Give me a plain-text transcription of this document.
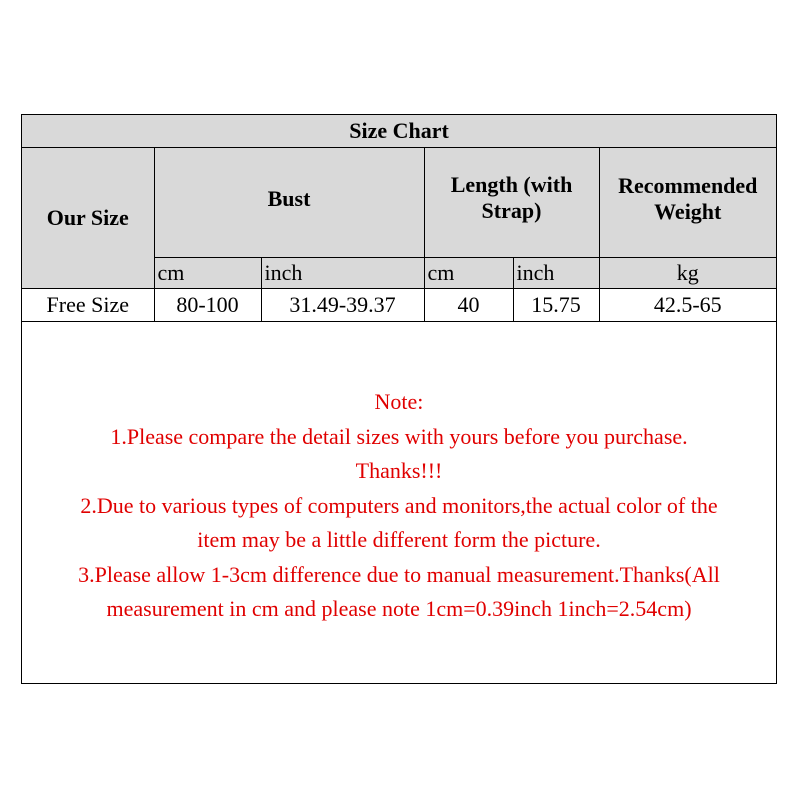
Size Chart					
Our Size	Bust		Length (with Strap)		Recommended Weight
	cm	inch	cm	inch	kg
Free Size	80-100	31.49-39.37	40	15.75	42.5-65
Note:
1.Please compare the detail sizes with yours before you purchase.
Thanks!!!
2.Due to various types of computers and monitors,the actual color of the
item may be a little different form the picture.
3.Please allow 1-3cm difference due to manual measurement.Thanks(All
measurement in cm and please note 1cm=0.39inch 1inch=2.54cm)
